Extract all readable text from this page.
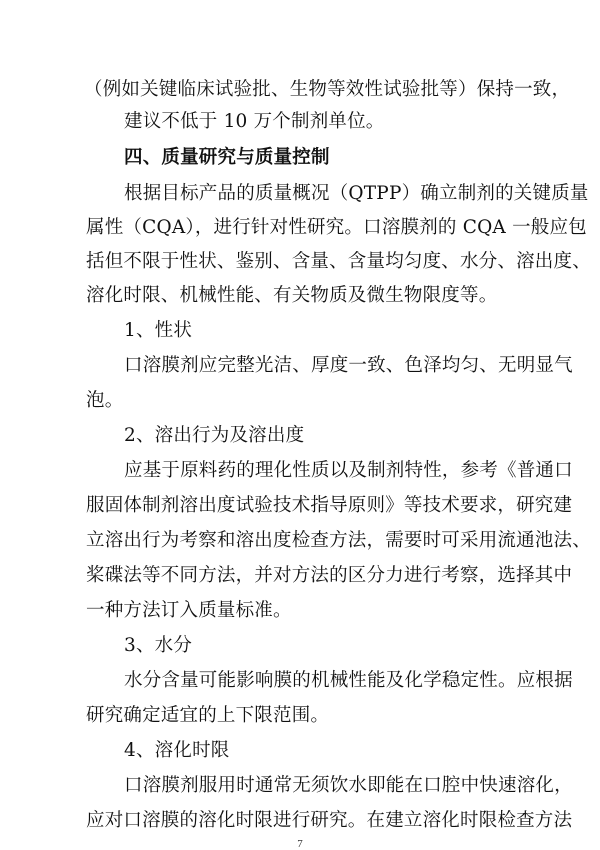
（例如关键临床试验批、生物等效性试验批等）保持一致，
建议不低于 10 万个制剂单位。
四、质量研究与质量控制
根据目标产品的质量概况（QTPP）确立制剂的关键质量
属性（CQA），进行针对性研究。口溶膜剂的 CQA 一般应包
括但不限于性状、鉴别、含量、含量均匀度、水分、溶出度、
溶化时限、机械性能、有关物质及微生物限度等。
1、性状
口溶膜剂应完整光洁、厚度一致、色泽均匀、无明显气
泡。
2、溶出行为及溶出度
应基于原料药的理化性质以及制剂特性，参考《普通口
服固体制剂溶出度试验技术指导原则》等技术要求，研究建
立溶出行为考察和溶出度检查方法，需要时可采用流通池法、
桨碟法等不同方法，并对方法的区分力进行考察，选择其中
一种方法订入质量标准。
3、水分
水分含量可能影响膜的机械性能及化学稳定性。应根据
研究确定适宜的上下限范围。
4、溶化时限
口溶膜剂服用时通常无须饮水即能在口腔中快速溶化，
应对口溶膜的溶化时限进行研究。在建立溶化时限检查方法
7
